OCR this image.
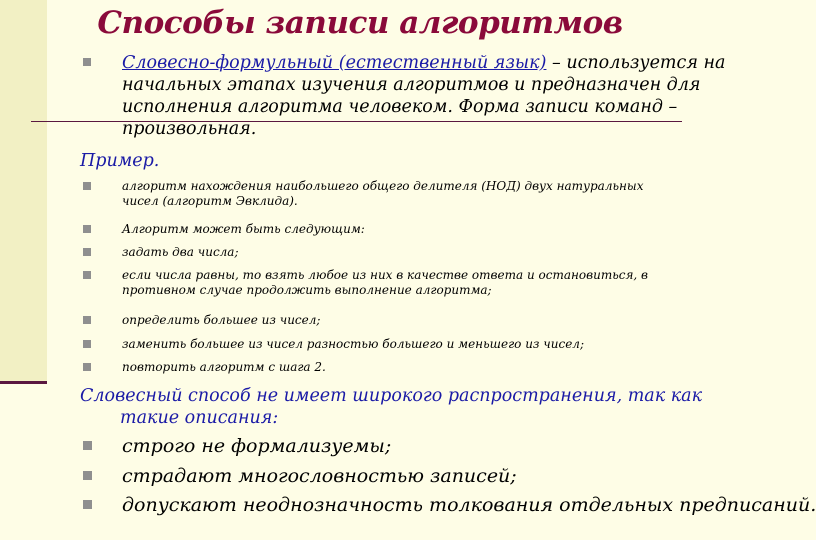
Способы записи алгоритмов
Словесно-формульный (естественный язык) – используется на
начальных этапах изучения алгоритмов и предназначен для
исполнения алгоритма человеком. Форма записи команд –
произвольная.
Пример.
алгоритм нахождения наибольшего общего делителя (НОД) двух натуральных
чисел (алгоритм Эвклида).
Алгоритм может быть следующим:
задать два числа;
если числа равны, то взять любое из них в качестве ответа и остановиться, в
противном случае продолжить выполнение алгоритма;
определить большее из чисел;
заменить большее из чисел разностью большего и меньшего из чисел;
повторить алгоритм с шага 2.
Словесный способ не имеет широкого распространения, так как
такие описания:
строго не формализуемы;
страдают многословностью записей;
допускают неоднозначность толкования отдельных предписаний.
